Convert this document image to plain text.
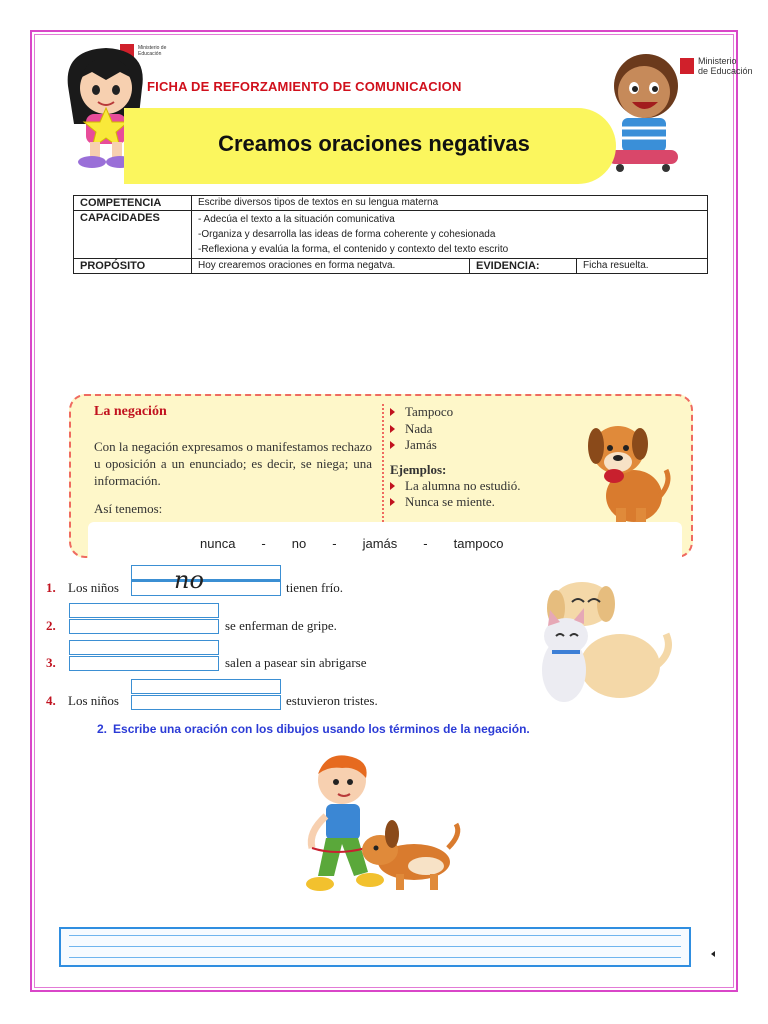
Ministerio de Educación
Ministerio
de Educación
FICHA DE REFORZAMIENTO DE COMUNICACION
Creamos oraciones negativas
COMPETENCIA	Escribe diversos tipos de textos en su lengua materna		
CAPACIDADES	- Adecúa el texto a la situación comunicativa
-Organiza y desarrolla las ideas de forma coherente y cohesionada
-Reflexiona y evalúa la forma, el contenido y contexto del texto escrito		

PROPÓSITO	Hoy crearemos oraciones en forma negatva.	EVIDENCIA:	Ficha resuelta.
La negación
Con la negación expresamos o manifestamos rechazo u oposición a un enunciado; es decir, se niega; una información.
Así tenemos:
Tampoco
Nada
Jamás
Ejemplos:
La alumna no estudió.
Nunca se miente.
nunca - no - jamás - tampoco
1. Los niños no	tienen frío.
2.	se enferman de gripe.
3.	salen a pasear sin abrigarse
4. Los niños	estuvieron tristes.
2. Escribe una oración con los dibujos usando los términos de la negación.
